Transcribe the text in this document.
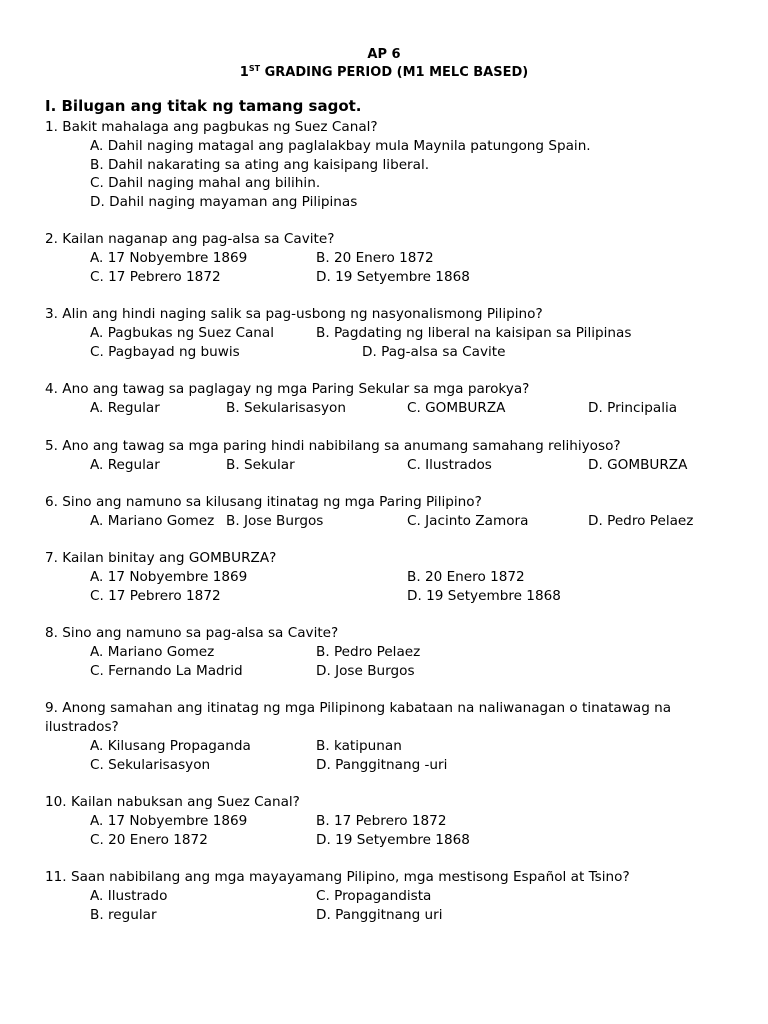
AP 6
1ST GRADING PERIOD (M1 MELC BASED)
I. Bilugan ang titak ng tamang sagot.
1. Bakit mahalaga ang pagbukas ng Suez Canal?
A. Dahil naging matagal ang paglalakbay mula Maynila patungong Spain.
B. Dahil nakarating sa ating ang kaisipang liberal.
C. Dahil naging mahal ang bilihin.
D. Dahil naging mayaman ang Pilipinas
2. Kailan naganap ang pag-alsa sa Cavite?
A. 17 Nobyembre 1869	B. 20 Enero 1872
C. 17 Pebrero 1872	D. 19 Setyembre 1868
3. Alin ang hindi naging salik sa pag-usbong ng nasyonalismong Pilipino?
A. Pagbukas ng Suez Canal	B. Pagdating ng liberal na kaisipan sa Pilipinas
C. Pagbayad ng buwis	D. Pag-alsa sa Cavite
4. Ano ang tawag sa paglagay ng mga Paring Sekular sa mga parokya?
A. Regular	B. Sekularisasyon	C. GOMBURZA	D. Principalia
5. Ano ang tawag sa mga paring hindi nabibilang sa anumang samahang relihiyoso?
A. Regular	B. Sekular	C. Ilustrados	D. GOMBURZA
6. Sino ang namuno sa kilusang itinatag ng mga Paring Pilipino?
A. Mariano Gomez B. Jose Burgos	C. Jacinto Zamora	D. Pedro Pelaez
7. Kailan binitay ang GOMBURZA?
A. 17 Nobyembre 1869	B. 20 Enero 1872
C. 17 Pebrero 1872	D. 19 Setyembre 1868
8. Sino ang namuno sa pag-alsa sa Cavite?
A. Mariano Gomez	B. Pedro Pelaez
C. Fernando La Madrid	D. Jose Burgos
9. Anong samahan ang itinatag ng mga Pilipinong kabataan na naliwanagan o tinatawag na
ilustrados?
A. Kilusang Propaganda	B. katipunan
C. Sekularisasyon	D. Panggitnang -uri
10. Kailan nabuksan ang Suez Canal?
A. 17 Nobyembre 1869	B. 17 Pebrero 1872
C. 20 Enero 1872	D. 19 Setyembre 1868
11. Saan nabibilang ang mga mayayamang Pilipino, mga mestisong Español at Tsino?
A. Ilustrado	C. Propagandista
B. regular	D. Panggitnang uri
